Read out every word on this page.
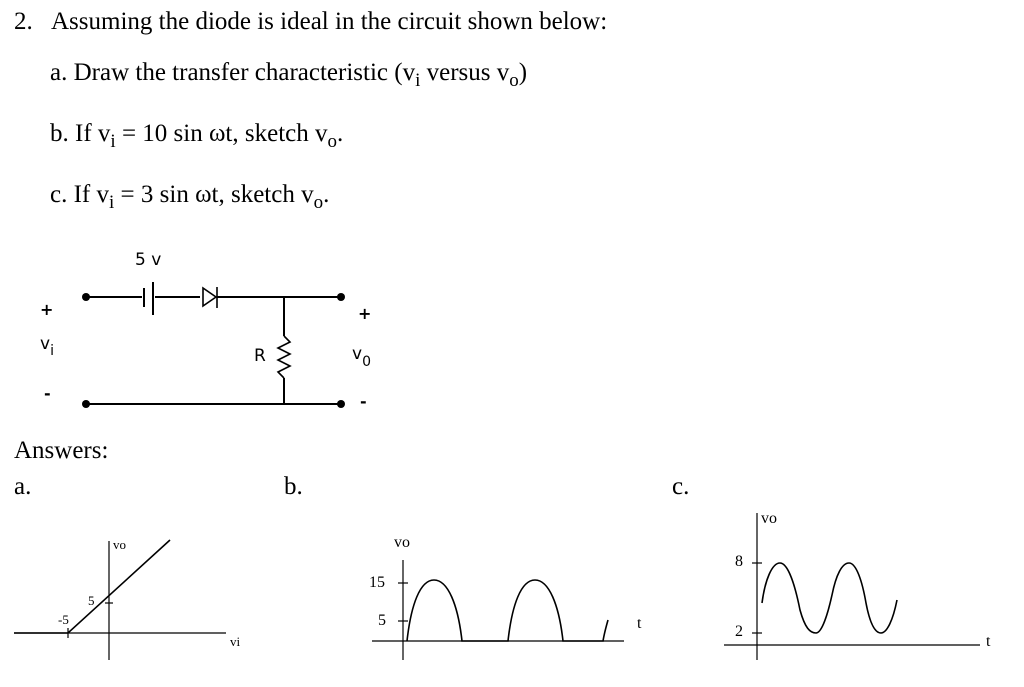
2. Assuming the diode is ideal in the circuit shown below:
a. Draw the transfer characteristic ($v_i$ versus $v_o$)
b. If $v_i = 10$ sin ωt, sketch $v_o$.
c. If $v_i = 3$ sin ωt, sketch $v_o$.
5 v
+
$v_i$
-
R
+
$v_0$
-
Answers:
a.	b.	c.
vo
vi
5
-5
vo
15
5	t
vo
8
2
t
